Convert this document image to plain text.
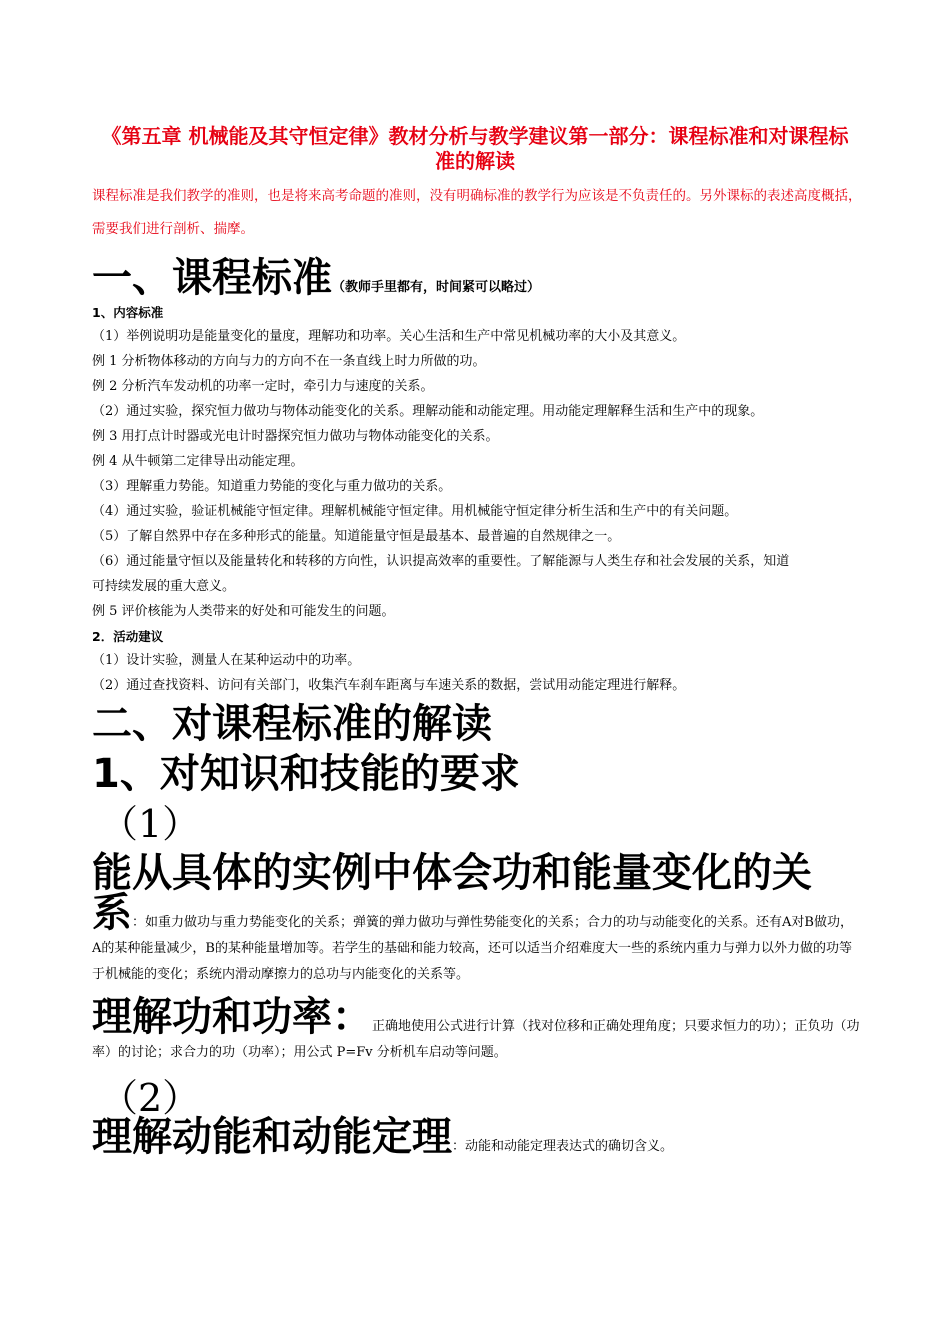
《第五章 机械能及其守恒定律》教材分析与教学建议第一部分：课程标准和对课程标准的解读
课程标准是我们教学的准则，也是将来高考命题的准则，没有明确标准的教学行为应该是不负责任的。另外课标的表述高度概括，需要我们进行剖析、揣摩。
一、课程标准（教师手里都有，时间紧可以略过）
1、内容标准
（1）举例说明功是能量变化的量度，理解功和功率。关心生活和生产中常见机械功率的大小及其意义。
例 1 分析物体移动的方向与力的方向不在一条直线上时力所做的功。
例 2 分析汽车发动机的功率一定时，牵引力与速度的关系。
（2）通过实验，探究恒力做功与物体动能变化的关系。理解动能和动能定理。用动能定理解释生活和生产中的现象。
例 3 用打点计时器或光电计时器探究恒力做功与物体动能变化的关系。
例 4 从牛顿第二定律导出动能定理。
（3）理解重力势能。知道重力势能的变化与重力做功的关系。
（4）通过实验，验证机械能守恒定律。理解机械能守恒定律。用机械能守恒定律分析生活和生产中的有关问题。
（5）了解自然界中存在多种形式的能量。知道能量守恒是最基本、最普遍的自然规律之一。
（6）通过能量守恒以及能量转化和转移的方向性，认识提高效率的重要性。了解能源与人类生存和社会发展的关系，知道
可持续发展的重大意义。
例 5 评价核能为人类带来的好处和可能发生的问题。
2．活动建议
（1）设计实验，测量人在某种运动中的功率。
（2）通过查找资料、访问有关部门，收集汽车刹车距离与车速关系的数据，尝试用动能定理进行解释。
二、对课程标准的解读
1、对知识和技能的要求
（1）
能从具体的实例中体会功和能量变化的关
系：如重力做功与重力势能变化的关系；弹簧的弹力做功与弹性势能变化的关系；合力的功与动能变化的关系。还有A对B做功，A的某种能量减少，B的某种能量增加等。若学生的基础和能力较高，还可以适当介绍难度大一些的系统内重力与弹力以外力做的功等于机械能的变化；系统内滑动摩擦力的总功与内能变化的关系等。
理解功和功率：正确地使用公式进行计算（找对位移和正确处理角度；只要求恒力的功）；正负功（功率）的讨论；求合力的功（功率）；用公式 P=Fv 分析机车启动等问题。
（2）
理解动能和动能定理：动能和动能定理表达式的确切含义。
